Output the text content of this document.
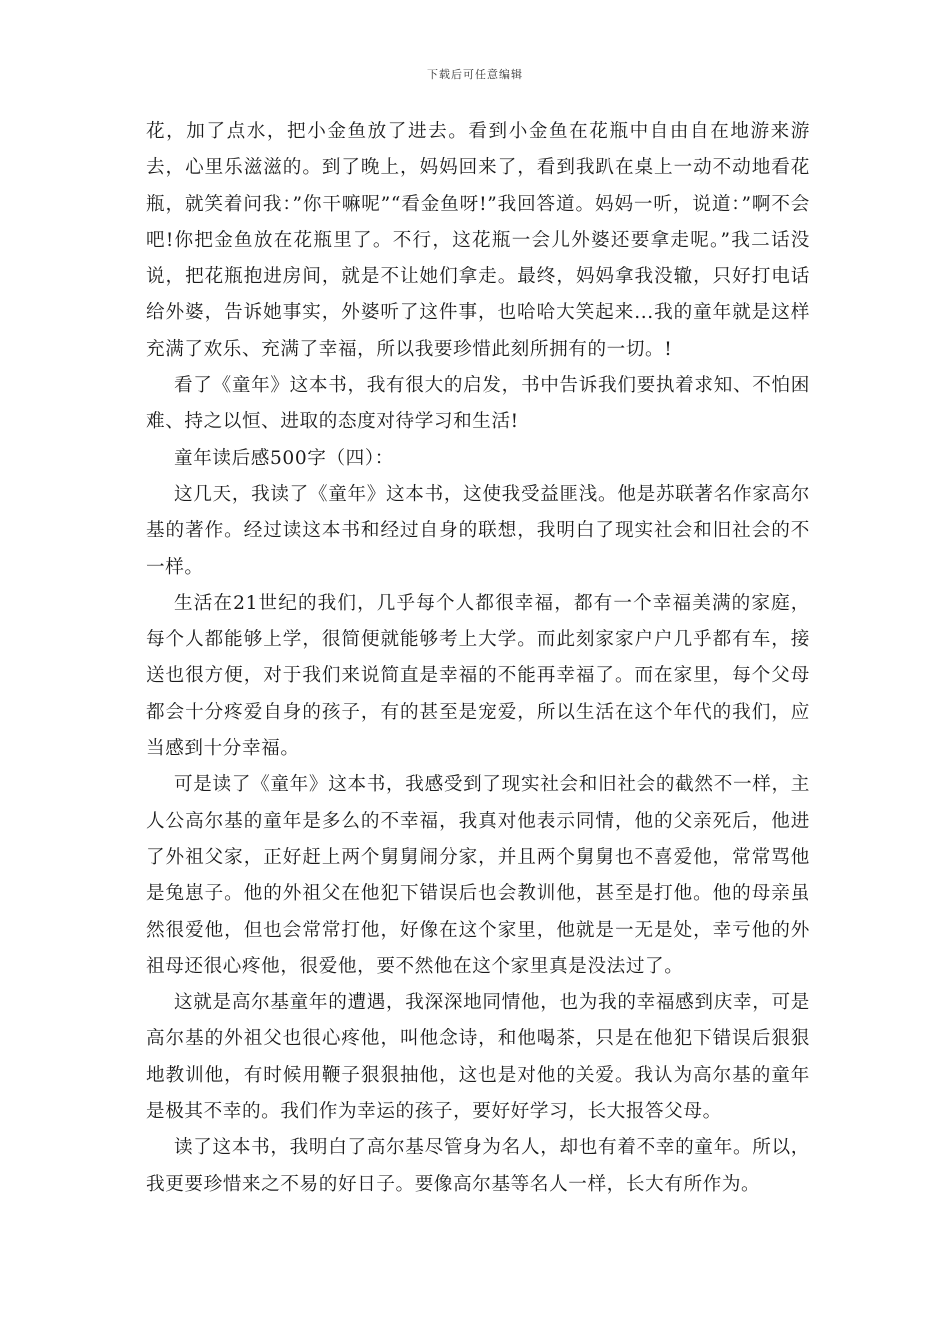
下载后可任意编辑

花，加了点水，把小金鱼放了进去。看到小金鱼在花瓶中自由自在地游来游去，心里乐滋滋的。到了晚上，妈妈回来了，看到我趴在桌上一动不动地看花瓶，就笑着问我：”你干嘛呢”“看金鱼呀!”我回答道。妈妈一听，说道：”啊不会吧!你把金鱼放在花瓶里了。不行，这花瓶一会儿外婆还要拿走呢。”我二话没说，把花瓶抱进房间，就是不让她们拿走。最终，妈妈拿我没辙，只好打电话给外婆，告诉她事实，外婆听了这件事，也哈哈大笑起来...我的童年就是这样充满了欢乐、充满了幸福，所以我要珍惜此刻所拥有的一切。!

看了《童年》这本书，我有很大的启发，书中告诉我们要执着求知、不怕困难、持之以恒、进取的态度对待学习和生活!

童年读后感500字（四）：

这几天，我读了《童年》这本书，这使我受益匪浅。他是苏联著名作家高尔基的著作。经过读这本书和经过自身的联想，我明白了现实社会和旧社会的不一样。

生活在21世纪的我们，几乎每个人都很幸福，都有一个幸福美满的家庭，每个人都能够上学，很简便就能够考上大学。而此刻家家户户几乎都有车，接送也很方便，对于我们来说简直是幸福的不能再幸福了。而在家里，每个父母都会十分疼爱自身的孩子，有的甚至是宠爱，所以生活在这个年代的我们，应当感到十分幸福。

可是读了《童年》这本书，我感受到了现实社会和旧社会的截然不一样，主人公高尔基的童年是多么的不幸福，我真对他表示同情，他的父亲死后，他进了外祖父家，正好赶上两个舅舅闹分家，并且两个舅舅也不喜爱他，常常骂他是兔崽子。他的外祖父在他犯下错误后也会教训他，甚至是打他。他的母亲虽然很爱他，但也会常常打他，好像在这个家里，他就是一无是处，幸亏他的外祖母还很心疼他，很爱他，要不然他在这个家里真是没法过了。

这就是高尔基童年的遭遇，我深深地同情他，也为我的幸福感到庆幸，可是高尔基的外祖父也很心疼他，叫他念诗，和他喝茶，只是在他犯下错误后狠狠地教训他，有时候用鞭子狠狠抽他，这也是对他的关爱。我认为高尔基的童年是极其不幸的。我们作为幸运的孩子，要好好学习，长大报答父母。

读了这本书，我明白了高尔基尽管身为名人，却也有着不幸的童年。所以，我更要珍惜来之不易的好日子。要像高尔基等名人一样，长大有所作为。
